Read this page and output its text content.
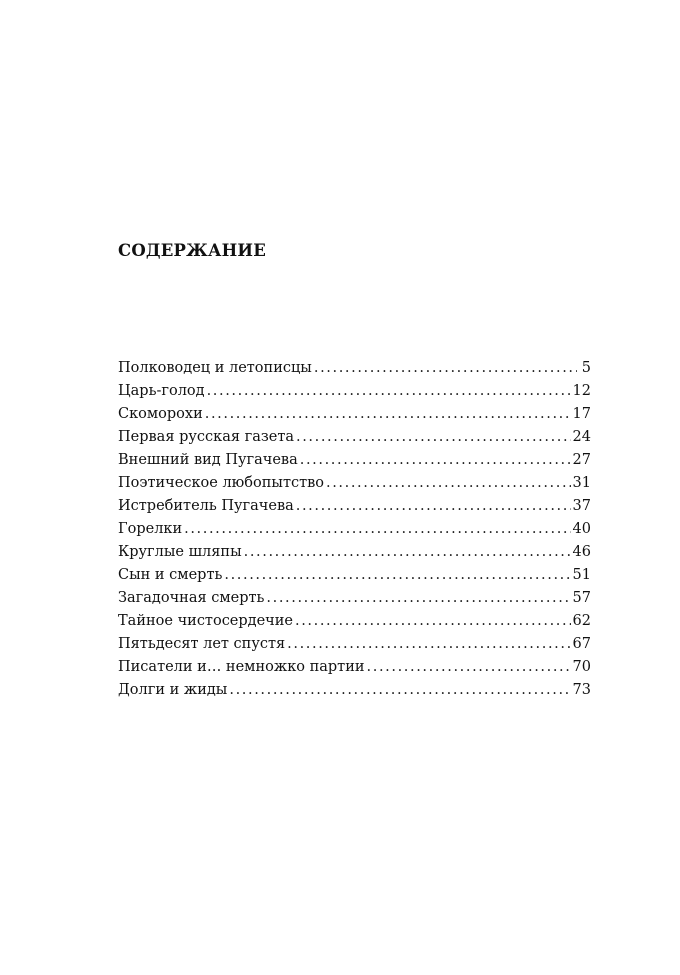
СОДЕРЖАНИЕ
Полководец и летописцы .....	5
Царь-голод .....	12
Скоморохи .....	17
Первая русская газета .....	24
Внешний вид Пугачева .....	27
Поэтическое любопытство .....	31
Истребитель Пугачева .....	37
Горелки .....	40
Круглые шляпы .....	46
Сын и смерть .....	51
Загадочная смерть .....	57
Тайное чистосердечие .....	62
Пятьдесят лет спустя .....	67
Писатели и… немножко партии .....	70
Долги и жиды .....	73
